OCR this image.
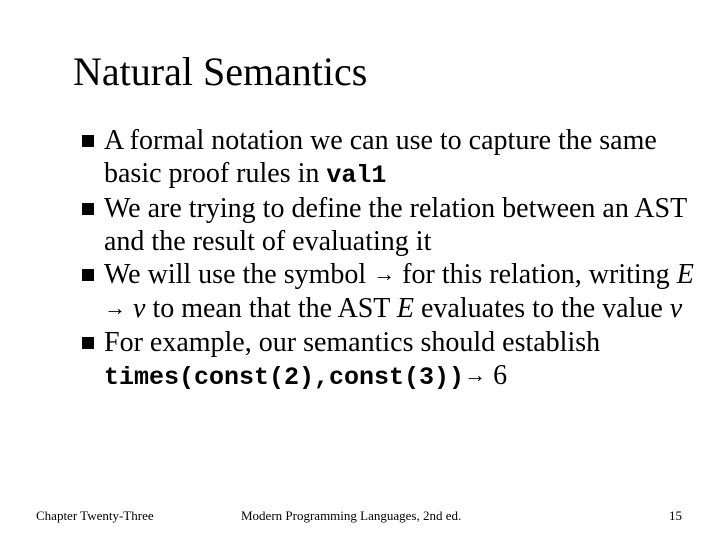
Natural Semantics
A formal notation we can use to capture the same basic proof rules in val1
We are trying to define the relation between an AST and the result of evaluating it
We will use the symbol → for this relation, writing E → v to mean that the AST E evaluates to the value v
For example, our semantics should establish times(const(2),const(3))→ 6
Chapter Twenty-Three	Modern Programming Languages, 2nd ed.	15
